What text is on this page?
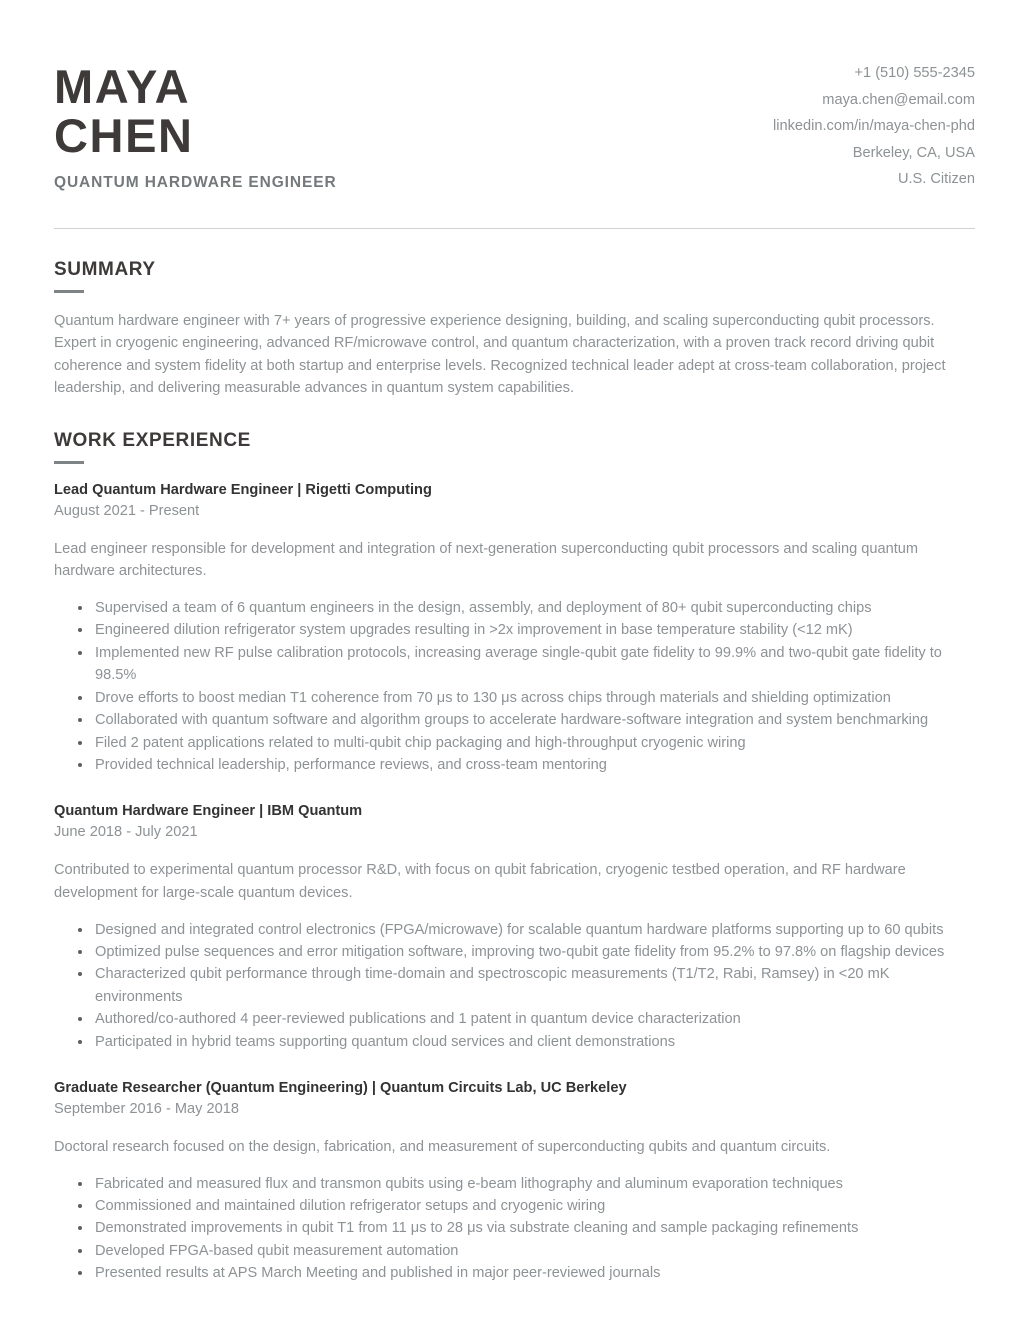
MAYA
CHEN
QUANTUM HARDWARE ENGINEER
+1 (510) 555-2345
maya.chen@email.com
linkedin.com/in/maya-chen-phd
Berkeley, CA, USA
U.S. Citizen
SUMMARY
Quantum hardware engineer with 7+ years of progressive experience designing, building, and scaling superconducting qubit processors. Expert in cryogenic engineering, advanced RF/microwave control, and quantum characterization, with a proven track record driving qubit coherence and system fidelity at both startup and enterprise levels. Recognized technical leader adept at cross-team collaboration, project leadership, and delivering measurable advances in quantum system capabilities.
WORK EXPERIENCE
Lead Quantum Hardware Engineer | Rigetti Computing
August 2021 - Present
Lead engineer responsible for development and integration of next-generation superconducting qubit processors and scaling quantum hardware architectures.
Supervised a team of 6 quantum engineers in the design, assembly, and deployment of 80+ qubit superconducting chips
Engineered dilution refrigerator system upgrades resulting in >2x improvement in base temperature stability (<12 mK)
Implemented new RF pulse calibration protocols, increasing average single-qubit gate fidelity to 99.9% and two-qubit gate fidelity to 98.5%
Drove efforts to boost median T1 coherence from 70 μs to 130 μs across chips through materials and shielding optimization
Collaborated with quantum software and algorithm groups to accelerate hardware-software integration and system benchmarking
Filed 2 patent applications related to multi-qubit chip packaging and high-throughput cryogenic wiring
Provided technical leadership, performance reviews, and cross-team mentoring
Quantum Hardware Engineer | IBM Quantum
June 2018 - July 2021
Contributed to experimental quantum processor R&D, with focus on qubit fabrication, cryogenic testbed operation, and RF hardware development for large-scale quantum devices.
Designed and integrated control electronics (FPGA/microwave) for scalable quantum hardware platforms supporting up to 60 qubits
Optimized pulse sequences and error mitigation software, improving two-qubit gate fidelity from 95.2% to 97.8% on flagship devices
Characterized qubit performance through time-domain and spectroscopic measurements (T1/T2, Rabi, Ramsey) in <20 mK environments
Authored/co-authored 4 peer-reviewed publications and 1 patent in quantum device characterization
Participated in hybrid teams supporting quantum cloud services and client demonstrations
Graduate Researcher (Quantum Engineering) | Quantum Circuits Lab, UC Berkeley
September 2016 - May 2018
Doctoral research focused on the design, fabrication, and measurement of superconducting qubits and quantum circuits.
Fabricated and measured flux and transmon qubits using e-beam lithography and aluminum evaporation techniques
Commissioned and maintained dilution refrigerator setups and cryogenic wiring
Demonstrated improvements in qubit T1 from 11 μs to 28 μs via substrate cleaning and sample packaging refinements
Developed FPGA-based qubit measurement automation
Presented results at APS March Meeting and published in major peer-reviewed journals
